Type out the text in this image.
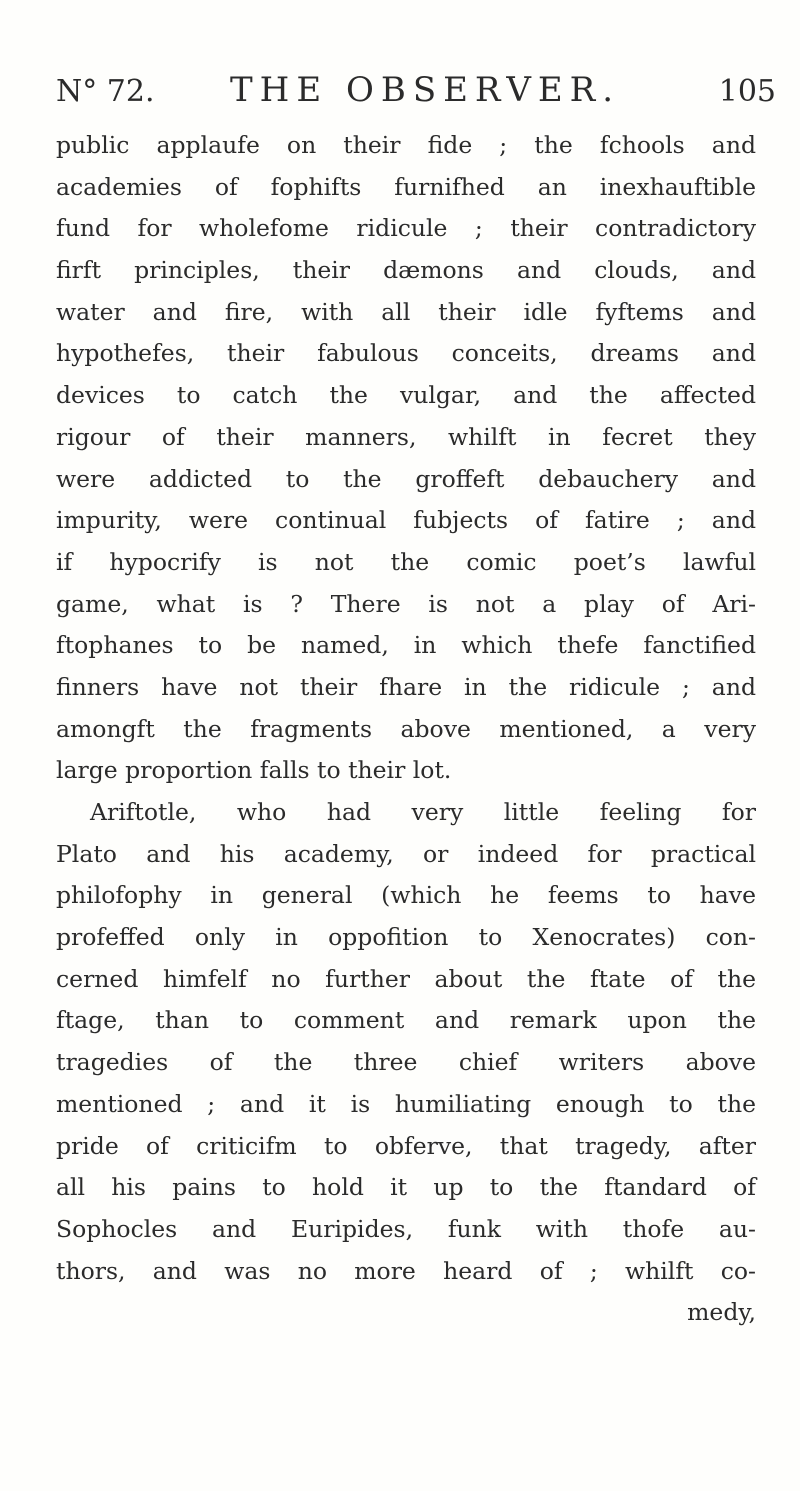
N° 72. THE OBSERVER.	105
public applaufe on their fide ; the fchools and
academies of fophifts furnifhed an inexhauftible
fund for wholefome ridicule ; their contradictory
firft principles, their dæmons and clouds, and
water and fire, with all their idle fyftems and
hypothefes, their fabulous conceits, dreams and
devices to catch the vulgar, and the affected
rigour of their manners, whilft in fecret they
were addicted to the groffeft debauchery and
impurity, were continual fubjects of fatire ; and
if hypocrify is not the comic poet’s lawful
game, what is ? There is not a play of Ari-
ftophanes to be named, in which thefe fanctified
finners have not their fhare in the ridicule ; and
amongft the fragments above mentioned, a very
large proportion falls to their lot.
Ariftotle, who had very little feeling for
Plato and his academy, or indeed for practical
philofophy in general (which he feems to have
profeffed only in oppofition to Xenocrates) con-
cerned himfelf no further about the ftate of the
ftage, than to comment and remark upon the
tragedies of the three chief writers above
mentioned ; and it is humiliating enough to the
pride of criticifm to obferve, that tragedy, after
all his pains to hold it up to the ftandard of
Sophocles and Euripides, funk with thofe au-
thors, and was no more heard of ; whilft co-
medy,
